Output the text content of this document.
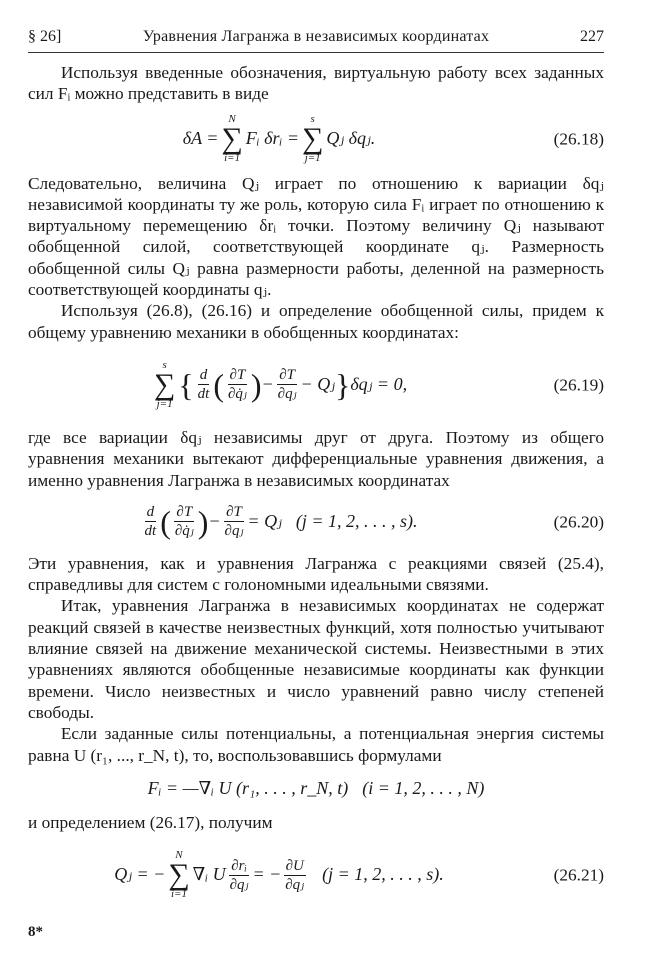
§ 26]	Уравнения Лагранжа в независимых координатах	227

Используя введенные обозначения, виртуальную работу всех заданных сил Fᵢ можно представить в виде

δA =
N
∑
i=1
Fᵢ δrᵢ =
s
∑
j=1
Qⱼ δqⱼ.	(26.18)

Следовательно, величина Qⱼ играет по отношению к вариации δqⱼ независимой координаты ту же роль, которую сила Fᵢ играет по отношению к виртуальному перемещению δrᵢ точки. Поэтому величину Qⱼ называют обобщенной силой, соответствующей координате qⱼ. Размерность обобщенной силы Qⱼ равна размерности работы, деленной на размерность соответствующей координаты qⱼ.

Используя (26.8), (26.16) и определение обобщенной силы, придем к общему уравнению механики в обобщенных координатах:

s
∑
j=1
{ $\frac{d}{dt}$ ( $\frac{\partial T}{\text{∂q̇ⱼ}}$ ) − $\frac{\partial T}{\text{∂qⱼ}}$ − Qⱼ } δqⱼ = 0,	(26.19)

где все вариации δqⱼ независимы друг от друга. Поэтому из общего уравнения механики вытекают дифференциальные уравнения движения, а именно уравнения Лагранжа в независимых координатах

$\frac{d}{dt}$ ( $\frac{\partial T}{\text{∂q̇ⱼ}}$ ) − $\frac{\partial T}{\text{∂qⱼ}}$ = Qⱼ (j = 1, 2, . . . , s).	(26.20)

Эти уравнения, как и уравнения Лагранжа с реакциями связей (25.4), справедливы для систем с голономными идеальными связями.

Итак, уравнения Лагранжа в независимых координатах не содержат реакций связей в качестве неизвестных функций, хотя полностью учитывают влияние связей на движение механической системы. Неизвестными в этих уравнениях являются обобщенные независимые координаты как функции времени. Число неизвестных и число уравнений равно числу степеней свободы.

Если заданные силы потенциальны, а потенциальная энергия системы равна U (r₁, ..., r_N, t), то, воспользовавшись формулами

Fᵢ = —∇ᵢ U (r₁, . . . , r_N, t) (i = 1, 2, . . . , N)

и определением (26.17), получим

Qⱼ = −
N
∑
i=1
∇ᵢ U $\frac{\text{∂rᵢ}}{\text{∂qⱼ}}$ = − $\frac{\partial U}{\text{∂qⱼ}} (j = 1$, 2, . . . , s).	(26.21)
8*
